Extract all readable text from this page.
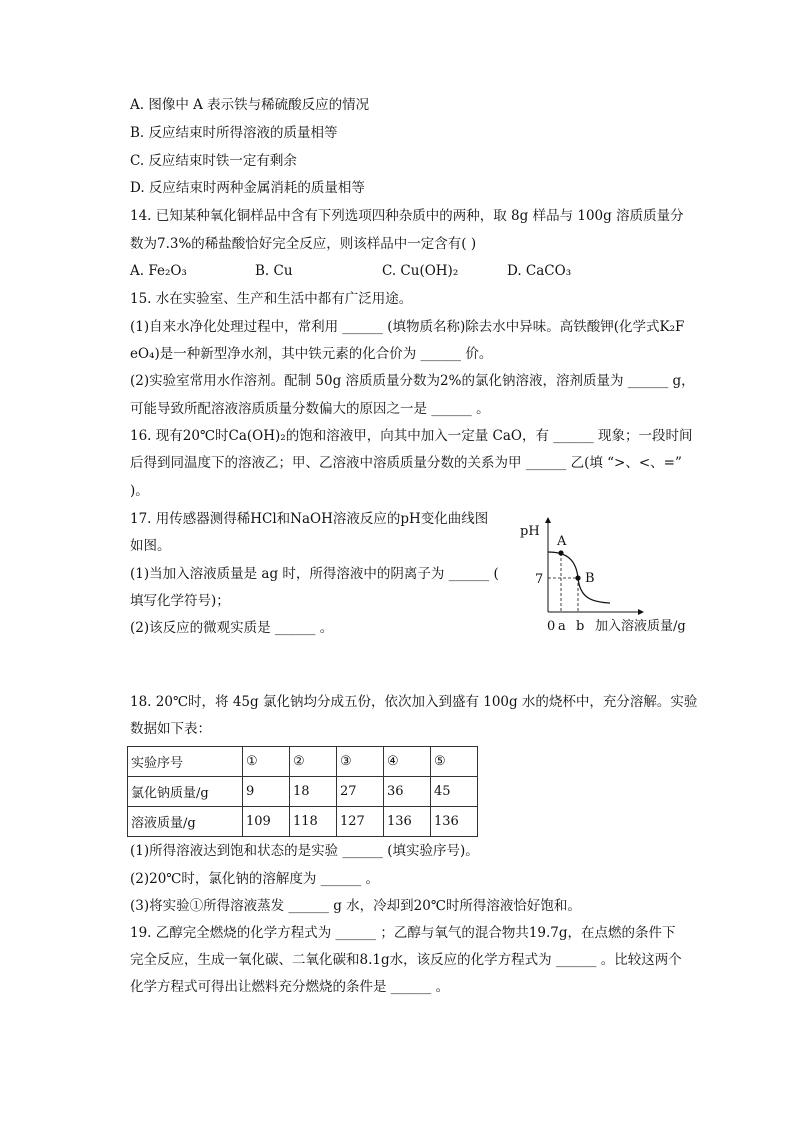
A. 图像中 A 表示铁与稀硫酸反应的情况
B. 反应结束时所得溶液的质量相等
C. 反应结束时铁一定有剩余
D. 反应结束时两种金属消耗的质量相等
14. 已知某种氧化铜样品中含有下列选项四种杂质中的两种，取 8g 样品与 100g 溶质质量分
数为7.3%的稀盐酸恰好完全反应，则该样品中一定含有( )
A. Fe₂O₃	B. Cu	C. Cu(OH)₂	D. CaCO₃
15. 水在实验室、生产和生活中都有广泛用途。
(1)自来水净化处理过程中，常利用 ______ (填物质名称)除去水中异味。高铁酸钾(化学式K₂F
eO₄)是一种新型净水剂，其中铁元素的化合价为 ______ 价。
(2)实验室常用水作溶剂。配制 50g 溶质质量分数为2%的氯化钠溶液，溶剂质量为 ______ g，
可能导致所配溶液溶质质量分数偏大的原因之一是 ______ 。
16. 现有20℃时Ca(OH)₂的饱和溶液甲，向其中加入一定量 CaO，有 ______ 现象；一段时间
后得到同温度下的溶液乙；甲、乙溶液中溶质质量分数的关系为甲 ______ 乙(填 “>、<、=”
)。
17. 用传感器测得稀HCl和NaOH溶液反应的pH变化曲线图
如图。
(1)当加入溶液质量是 ag 时，所得溶液中的阴离子为 ______ (
填写化学符号)；
(2)该反应的微观实质是 ______ 。
pH
7
0 a b 加入溶液质量/g
A
B
18. 20℃时，将 45g 氯化钠均分成五份，依次加入到盛有 100g 水的烧杯中，充分溶解。实验
数据如下表：
实验序号	①	②	③	④	⑤
氯化钠质量/g	9	18	27	36	45
溶液质量/g	109	118	127	136	136
(1)所得溶液达到饱和状态的是实验 ______ (填实验序号)。
(2)20℃时，氯化钠的溶解度为 ______ 。
(3)将实验①所得溶液蒸发 ______ g 水，冷却到20℃时所得溶液恰好饱和。
19. 乙醇完全燃烧的化学方程式为 ______ ；乙醇与氧气的混合物共19.7g，在点燃的条件下
完全反应，生成一氧化碳、二氧化碳和8.1g水，该反应的化学方程式为 ______ 。比较这两个
化学方程式可得出让燃料充分燃烧的条件是 ______ 。
